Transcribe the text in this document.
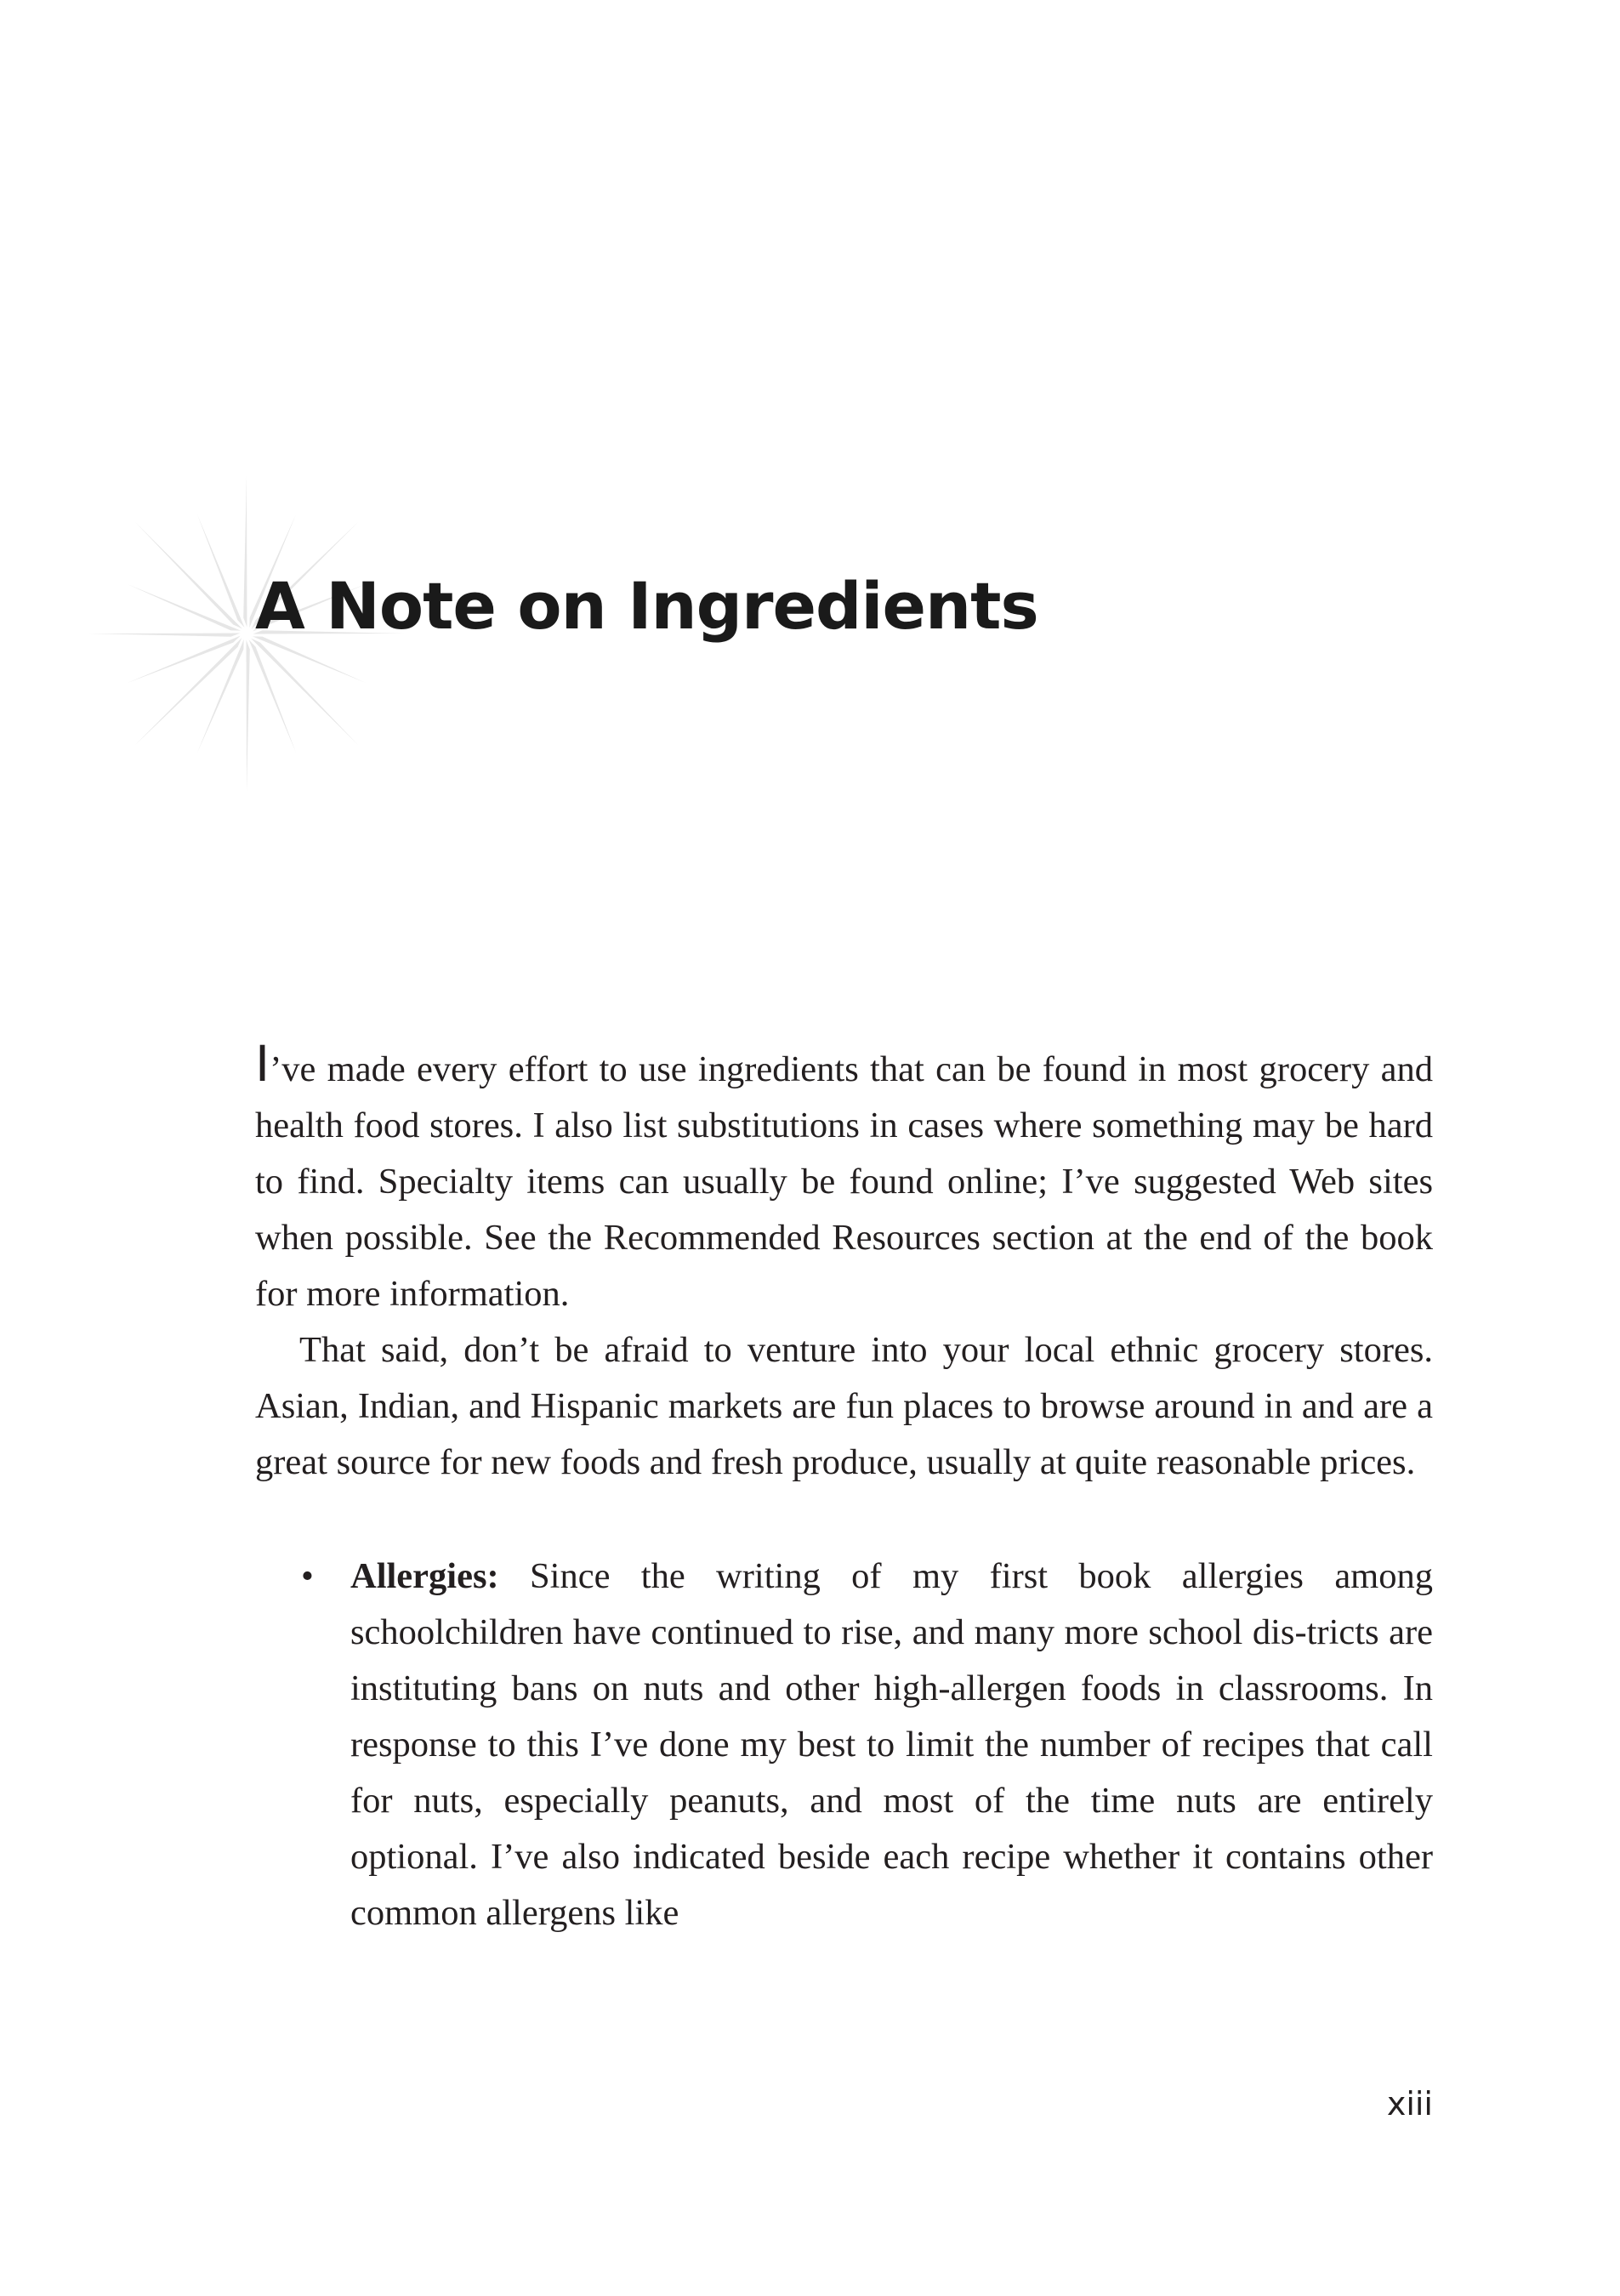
A Note on Ingredients

I’ve made every effort to use ingredients that can be found in most grocery and health food stores. I also list substitutions in cases where something may be hard to find. Specialty items can usually be found online; I’ve suggested Web sites when possible. See the Recommended Resources section at the end of the book for more information.

That said, don’t be afraid to venture into your local ethnic grocery stores. Asian, Indian, and Hispanic markets are fun places to browse around in and are a great source for new foods and fresh produce, usually at quite reasonable prices.

• Allergies: Since the writing of my first book allergies among schoolchildren have continued to rise, and many more school dis-tricts are instituting bans on nuts and other high-allergen foods in classrooms. In response to this I’ve done my best to limit the number of recipes that call for nuts, especially peanuts, and most of the time nuts are entirely optional. I’ve also indicated beside each recipe whether it contains other common allergens like
xiii
